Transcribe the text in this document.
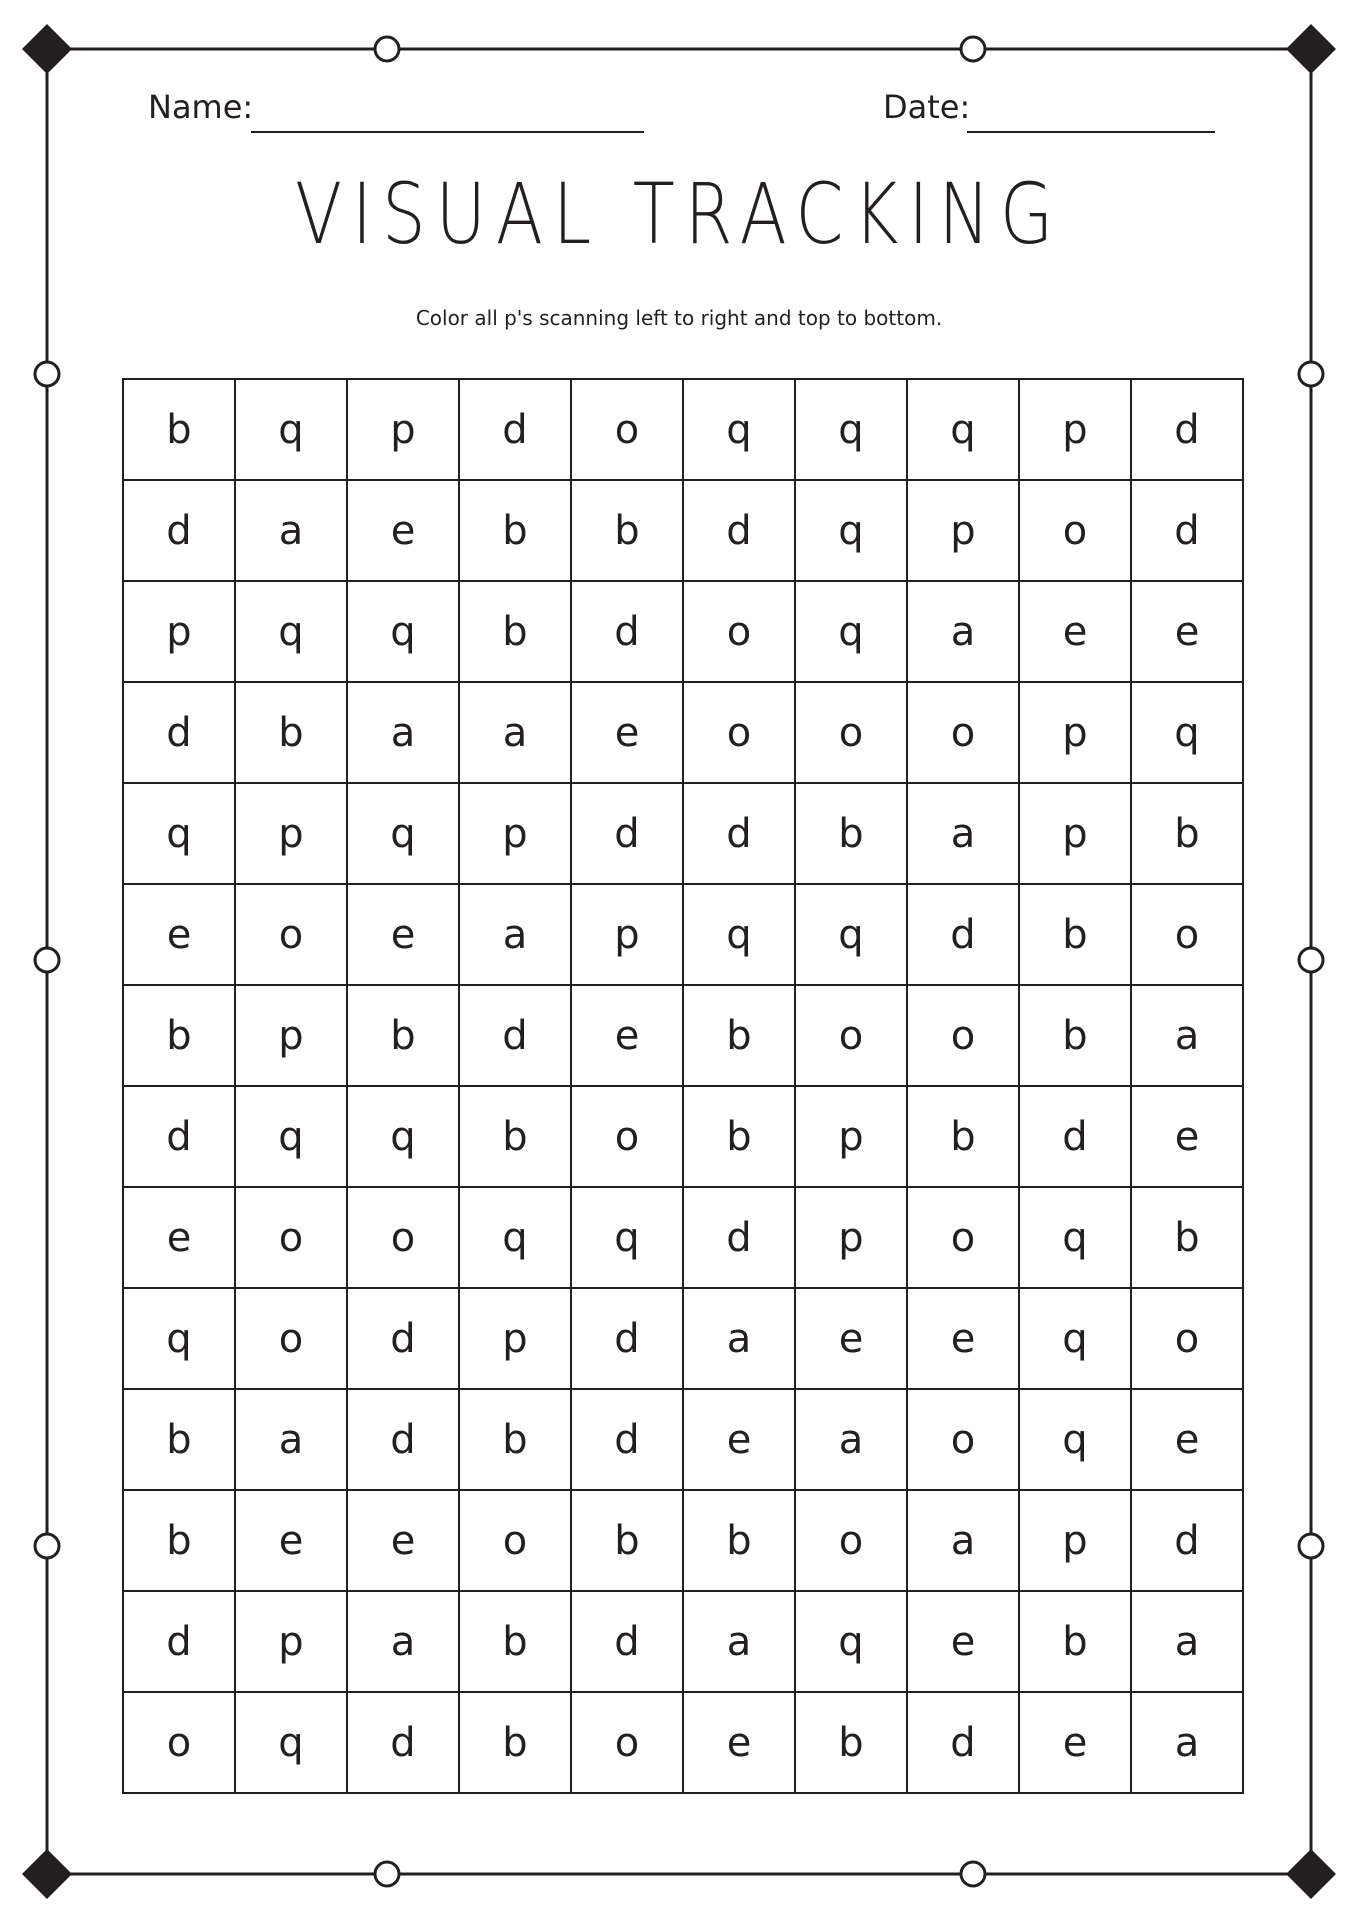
Name:	Date:
VISUAL TRACKING

Color all p's scanning left to right and top to bottom.

b	q	p	d	o	q	q	q	p	d
d	a	e	b	b	d	q	p	o	d
p	q	q	b	d	o	q	a	e	e
d	b	a	a	e	o	o	o	p	q
q	p	q	p	d	d	b	a	p	b
e	o	e	a	p	q	q	d	b	o
b	p	b	d	e	b	o	o	b	a
d	q	q	b	o	b	p	b	d	e
e	o	o	q	q	d	p	o	q	b
q	o	d	p	d	a	e	e	q	o
b	a	d	b	d	e	a	o	q	e
b	e	e	o	b	b	o	a	p	d
d	p	a	b	d	a	q	e	b	a
o	q	d	b	o	e	b	d	e	a
